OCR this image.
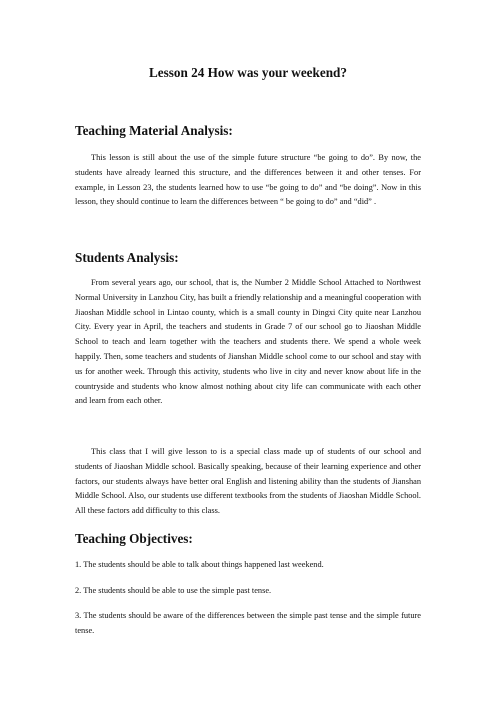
Lesson 24 How was your weekend?
Teaching Material Analysis:

This lesson is still about the use of the simple future structure “be going to do”. By now, the students have already learned this structure, and the differences between it and other tenses. For example, in Lesson 23, the students learned how to use “be going to do” and “be doing”. Now in this lesson, they should continue to learn the differences between “ be going to do” and “did” .

Students Analysis:

From several years ago, our school, that is, the Number 2 Middle School Attached to Northwest Normal University in Lanzhou City, has built a friendly relationship and a meaningful cooperation with Jiaoshan Middle school in Lintao county, which is a small county in Dingxi City quite near Lanzhou City. Every year in April, the teachers and students in Grade 7 of our school go to Jiaoshan Middle School to teach and learn together with the teachers and students there. We spend a whole week happily. Then, some teachers and students of Jianshan Middle school come to our school and stay with us for another week. Through this activity, students who live in city and never know about life in the countryside and students who know almost nothing about city life can communicate with each other and learn from each other.

This class that I will give lesson to is a special class made up of students of our school and students of Jiaoshan Middle school. Basically speaking, because of their learning experience and other factors, our students always have better oral English and listening ability than the students of Jianshan Middle School. Also, our students use different textbooks from the students of Jiaoshan Middle School. All these factors add difficulty to this class.

Teaching Objectives:

1. The students should be able to talk about things happened last weekend.

2. The students should be able to use the simple past tense.

3. The students should be aware of the differences between the simple past tense and the simple future tense.
